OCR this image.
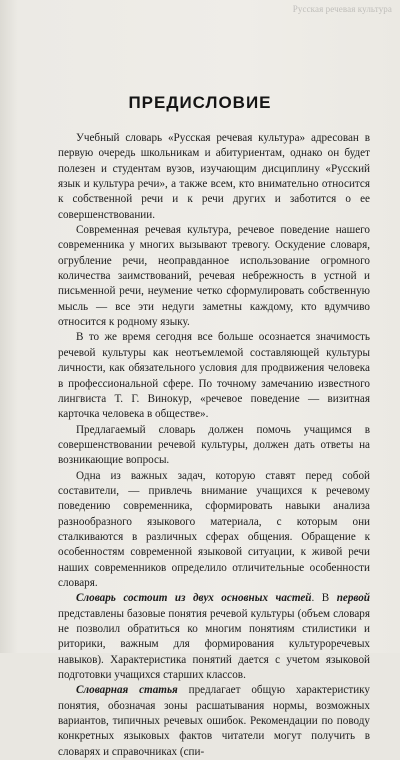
Русская речевая культура
ПРЕДИСЛОВИЕ

Учебный словарь «Русская речевая культура» адресован в первую очередь школьникам и абитуриентам, однако он будет полезен и студентам вузов, изучающим дисциплину «Русский язык и культура речи», а также всем, кто внимательно относится к собственной речи и к речи других и заботится о ее совершенствовании.

Современная речевая культура, речевое поведение нашего современника у многих вызывают тревогу. Оскудение словаря, огрубление речи, неоправданное использование огромного количества заимствований, речевая небрежность в устной и письменной речи, неумение четко сформулировать собственную мысль — все эти недуги заметны каждому, кто вдумчиво относится к родному языку.

В то же время сегодня все больше осознается значимость речевой культуры как неотъемлемой составляющей культуры личности, как обязательного условия для продвижения человека в профессиональной сфере. По точному замечанию известного лингвиста Т. Г. Винокур, «речевое поведение — визитная карточка человека в обществе».

Предлагаемый словарь должен помочь учащимся в совершенствовании речевой культуры, должен дать ответы на возникающие вопросы.

Одна из важных задач, которую ставят перед собой составители, — привлечь внимание учащихся к речевому поведению современника, сформировать навыки анализа разнообразного языкового материала, с которым они сталкиваются в различных сферах общения. Обращение к особенностям современной языковой ситуации, к живой речи наших современников определило отличительные особенности словаря.

Словарь состоит из двух основных частей. В первой представлены базовые понятия речевой культуры (объем словаря не позволил обратиться ко многим понятиям стилистики и риторики, важным для формирования культуроречевых навыков). Характеристика понятий дается с учетом языковой подготовки учащихся старших классов.

Словарная статья предлагает общую характеристику понятия, обозначая зоны расшатывания нормы, возможных вариантов, типичных речевых ошибок. Рекомендации по поводу конкретных языковых фактов читатели могут получить в словарях и справочниках (спи-
